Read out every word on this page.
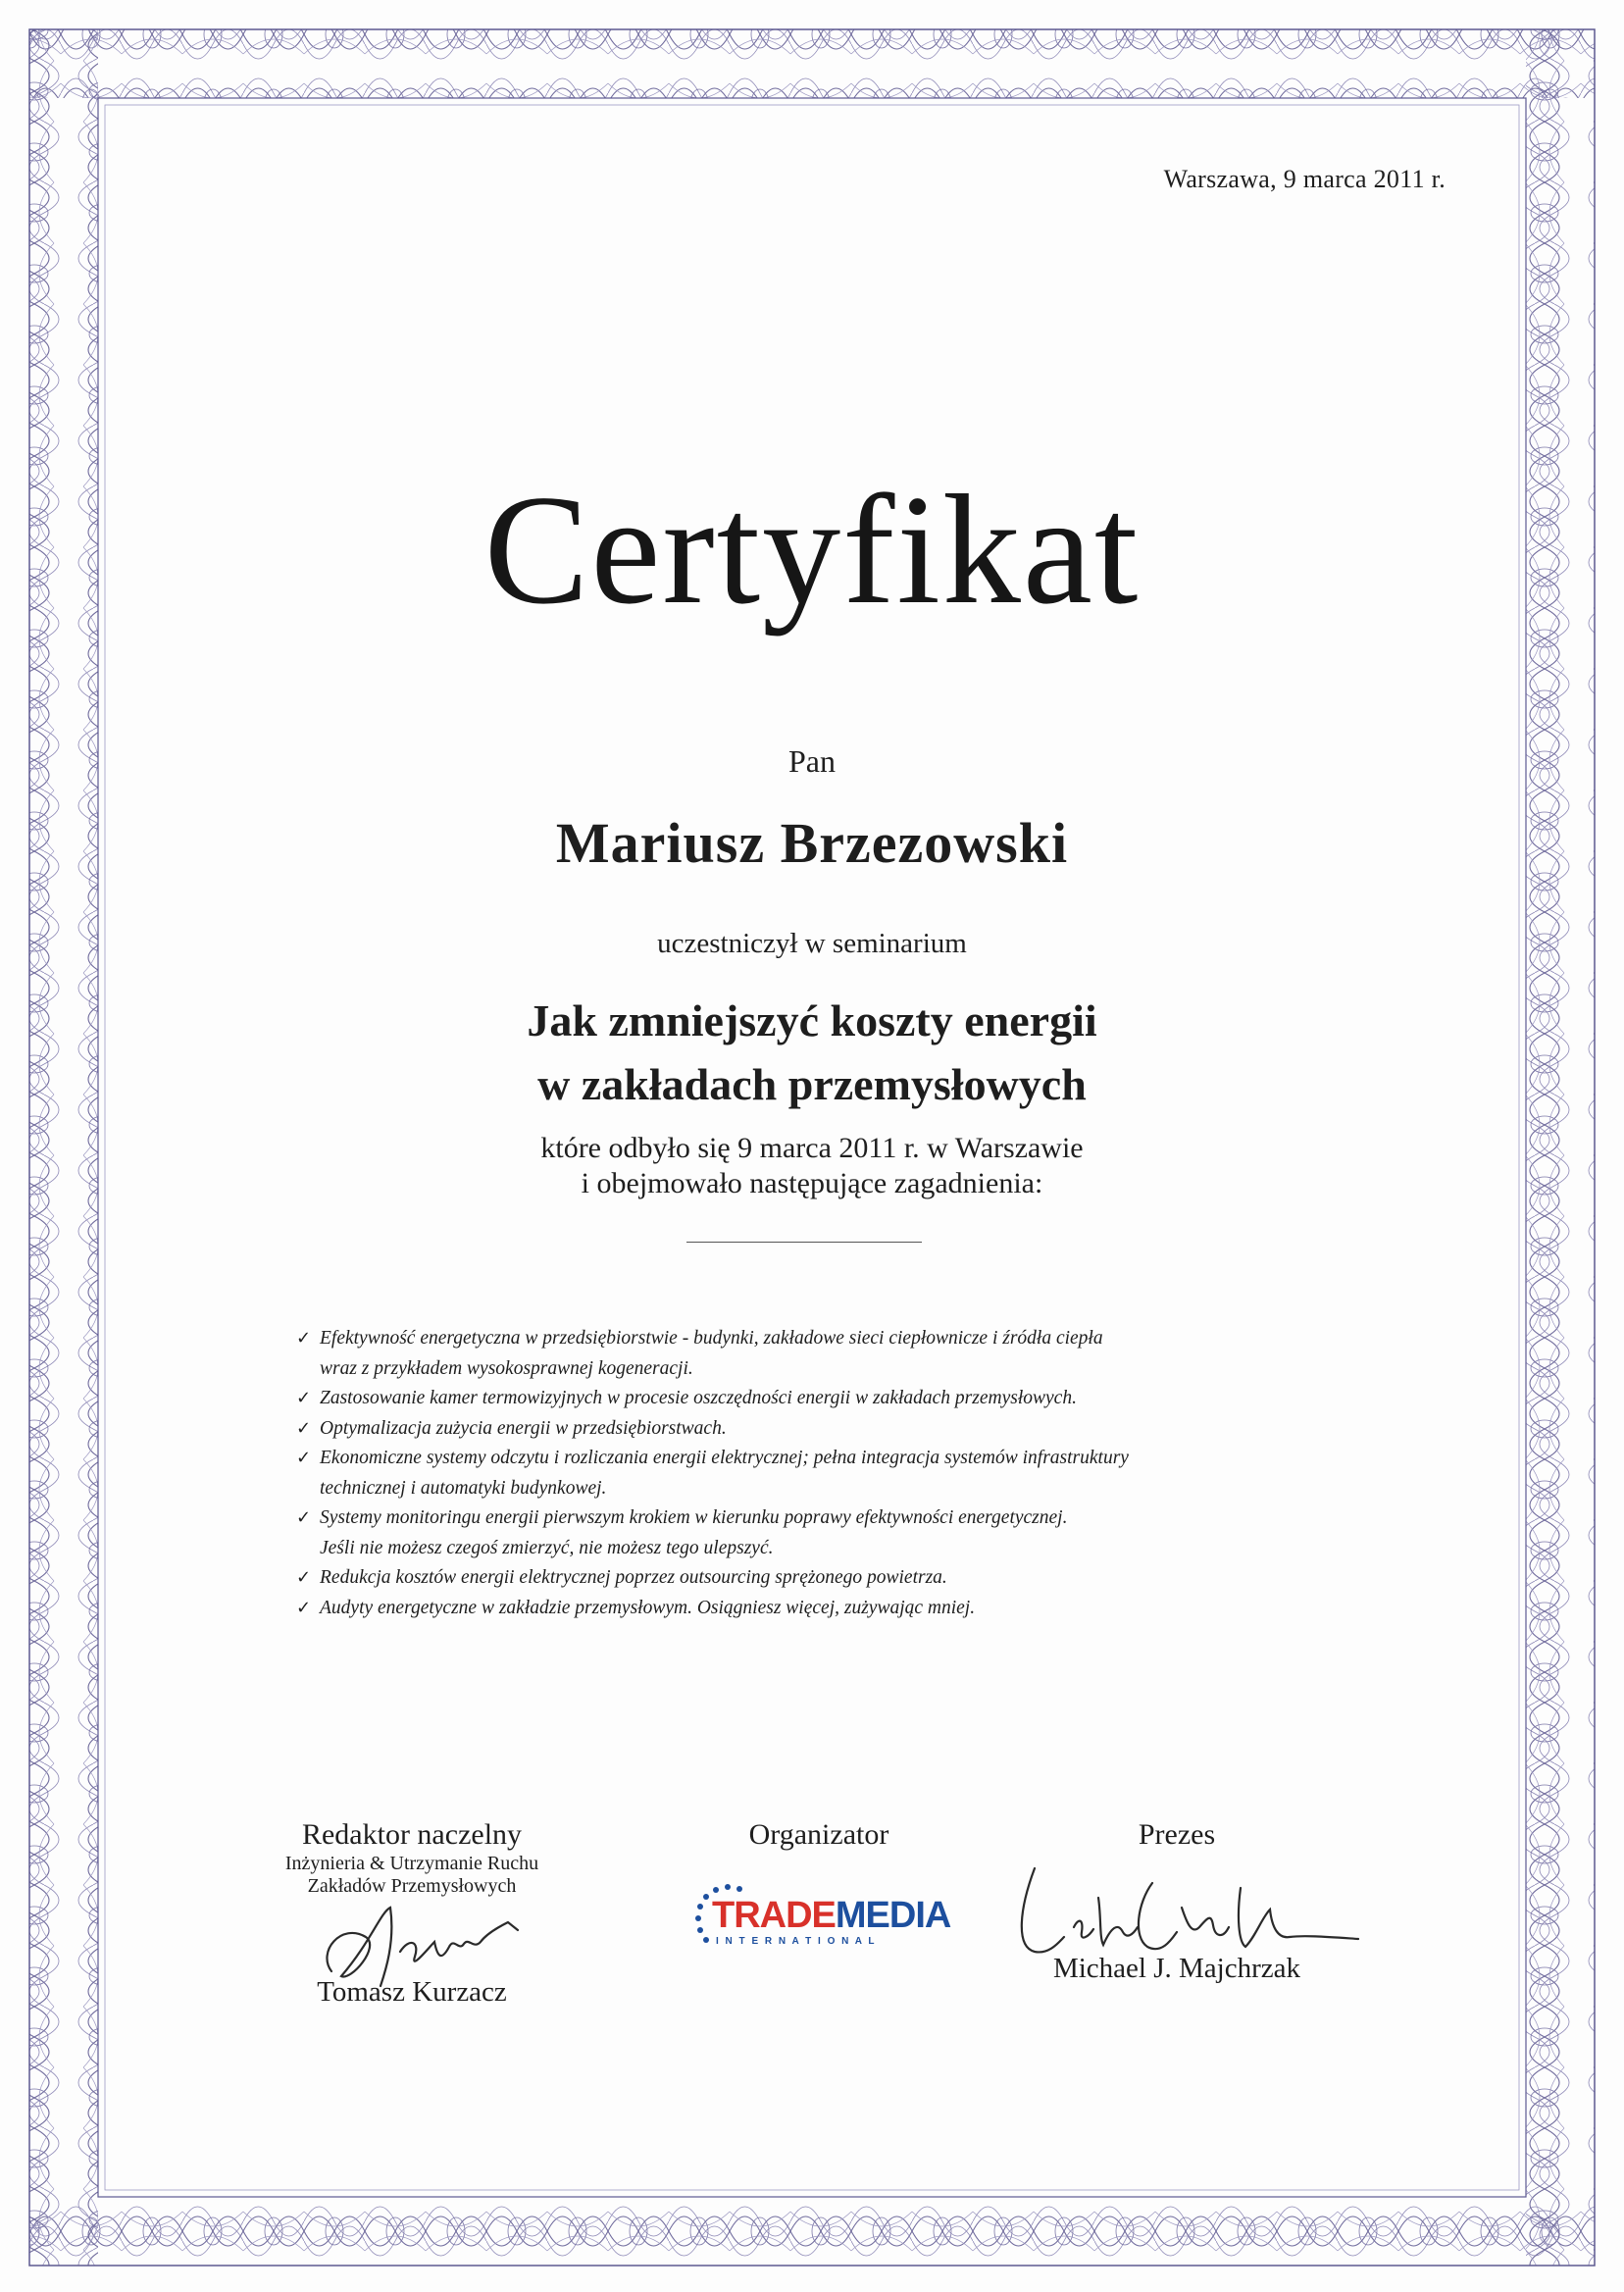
Warszawa, 9 marca 2011 r.
Certyfikat
Pan
Mariusz Brzezowski
uczestniczył w seminarium
Jak zmniejszyć koszty energii
w zakładach przemysłowych
które odbyło się 9 marca 2011 r. w Warszawie
i obejmowało następujące zagadnienia:
✓ Efektywność energetyczna w przedsiębiorstwie - budynki, zakładowe sieci ciepłownicze i źródła ciepła
wraz z przykładem wysokosprawnej kogeneracji.
✓ Zastosowanie kamer termowizyjnych w procesie oszczędności energii w zakładach przemysłowych.
✓ Optymalizacja zużycia energii w przedsiębiorstwach.
✓ Ekonomiczne systemy odczytu i rozliczania energii elektrycznej; pełna integracja systemów infrastruktury
technicznej i automatyki budynkowej.
✓ Systemy monitoringu energii pierwszym krokiem w kierunku poprawy efektywności energetycznej.
Jeśli nie możesz czegoś zmierzyć, nie możesz tego ulepszyć.
✓ Redukcja kosztów energii elektrycznej poprzez outsourcing sprężonego powietrza.
✓ Audyty energetyczne w zakładzie przemysłowym. Osiągniesz więcej, zużywając mniej.
Redaktor naczelny
Inżynieria & Utrzymanie Ruchu
Zakładów Przemysłowych
Tomasz Kurzacz
Organizator
TRADEMEDIA
I N T E R N A T I O N A L
Prezes
Michael J. Majchrzak
